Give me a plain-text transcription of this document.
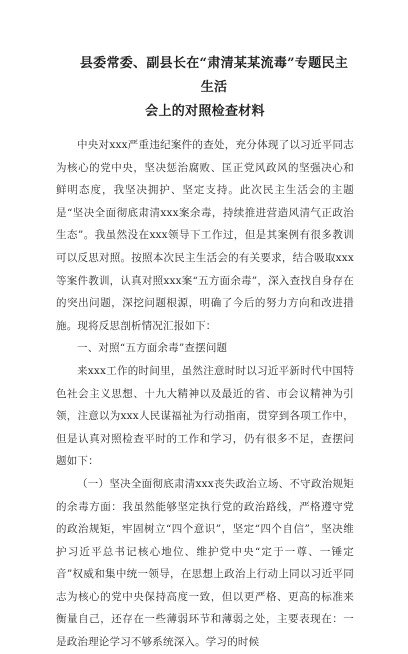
县委常委、副县长在“肃清某某流毒”专题民主生活
会上的对照检查材料

中央对xxx严重违纪案件的查处，充分体现了以习近平同志为核心的党中央，坚决惩治腐败、匡正党风政风的坚强决心和鲜明态度，我坚决拥护、坚定支持。此次民主生活会的主题是“坚决全面彻底肃清xxx案余毒，持续推进营造风清气正政治生态”。我虽然没在xxx领导下工作过，但是其案例有很多教训可以反思对照。按照本次民主生活会的有关要求，结合吸取xxx等案件教训，认真对照xxx案“五方面余毒”，深入查找自身存在的突出问题，深挖问题根源，明确了今后的努力方向和改进措施。现将反思剖析情况汇报如下：

一、对照“五方面余毒”查摆问题

来xxx工作的时间里，虽然注意时时以习近平新时代中国特色社会主义思想、十九大精神以及最近的省、市会议精神为引领，注意以为xxx人民谋福祉为行动指南，贯穿到各项工作中，但是认真对照检查平时的工作和学习，仍有很多不足，查摆问题如下：

（一）坚决全面彻底肃清xxx丧失政治立场、不守政治规矩的余毒方面：我虽然能够坚定执行党的政治路线，严格遵守党的政治规矩，牢固树立“四个意识”，坚定“四个自信”，坚决维护习近平总书记核心地位、维护党中央“定于一尊、一锤定音”权威和集中统一领导，在思想上政治上行动上同以习近平同志为核心的党中央保持高度一致，但以更严格、更高的标准来衡量自己，还存在一些薄弱环节和薄弱之处，主要表现在：一是政治理论学习不够系统深入。学习的时候
